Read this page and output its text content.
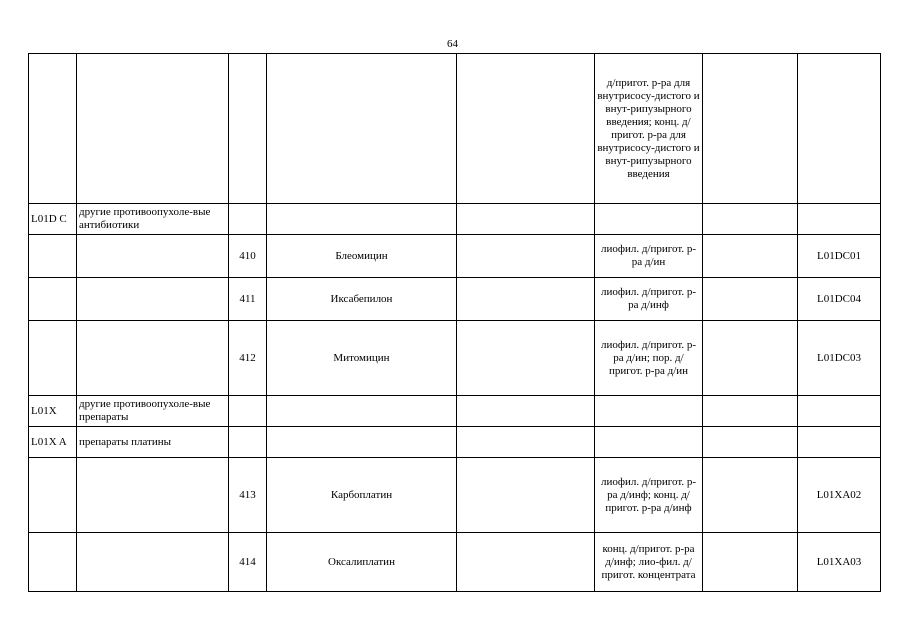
64
					д/пригот. р-ра для внутрисосу-дистого и внут-рипузырного введения; конц. д/пригот. р-ра для внутрисосу-дистого и внут-рипузырного введения		
L01D С	другие противоопухоле-вые антибиотики						
		410	Блеомицин		лиофил. д/пригот. р-ра д/ин		L01DC01
		411	Иксабепилон		лиофил. д/пригот. р-ра д/инф		L01DC04
		412	Митомицин		лиофил. д/пригот. р-ра д/ин; пор. д/пригот. р-ра д/ин		L01DC03
L01X	другие противоопухоле-вые препараты						
L01X A	препараты платины						
		413	Карбоплатин		лиофил. д/пригот. р-ра д/инф; конц. д/пригот. р-ра д/инф		L01XA02
		414	Оксалиплатин		конц. д/пригот. р-ра д/инф; лио-фил. д/пригот. концентрата		L01XA03
